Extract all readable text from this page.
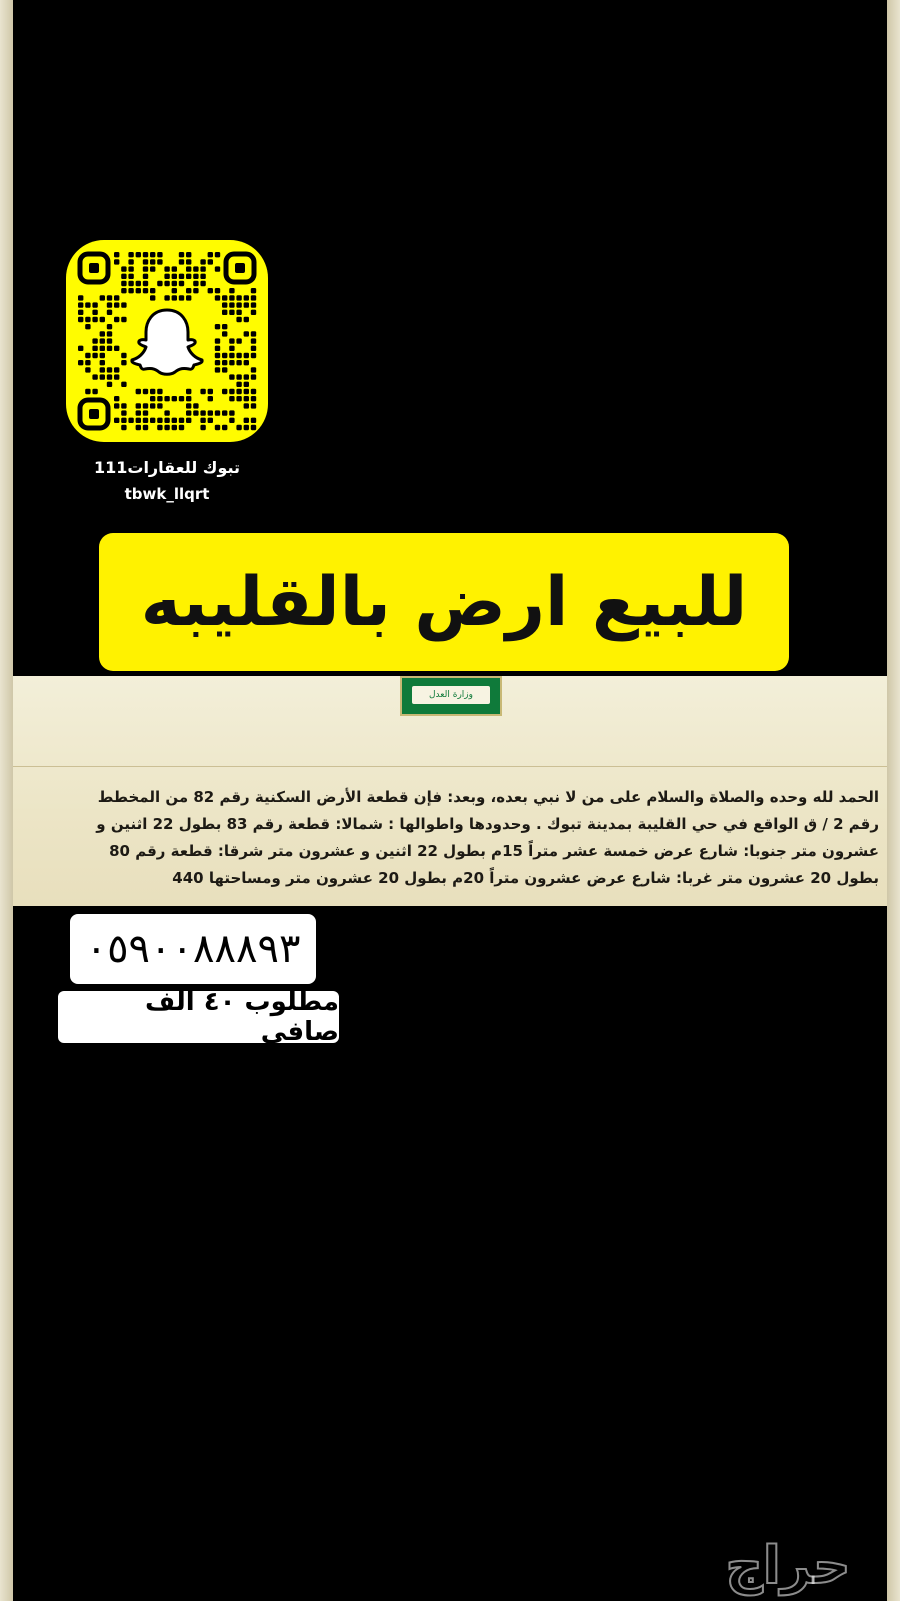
تبوك للعقارات111
tbwk_llqrt
للبيع ارض بالقليبه
وزارة العدل
الحمد لله وحده والصلاة والسلام على من لا نبي بعده، وبعد: فإن قطعة الأرض السكنية رقم 82 من المخطط
رقم 2 / ق الواقع في حي القليبة بمدينة تبوك . وحدودها واطوالها : شمالا: قطعة رقم 83 بطول 22 اثنين و
عشرون متر جنوبا: شارع عرض خمسة عشر متراً 15م بطول 22 اثنين و عشرون متر شرقا: قطعة رقم 80
بطول 20 عشرون متر غربا: شارع عرض عشرون متراً 20م بطول 20 عشرون متر ومساحتها 440
٠٥٩٠٠٨٨٨٩٣
مطلوب ٤٠ الف صافي
حراج
